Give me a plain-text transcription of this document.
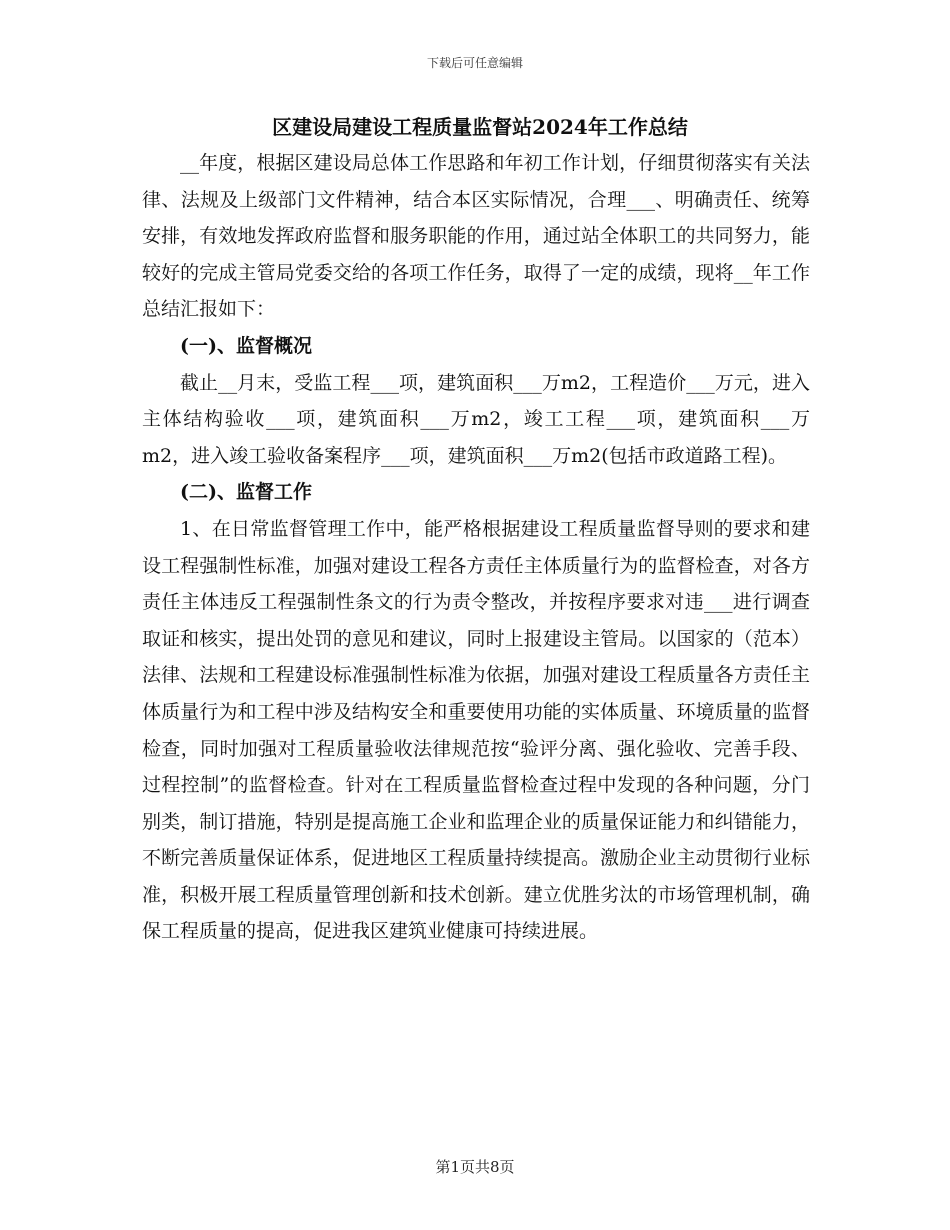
下载后可任意编辑
区建设局建设工程质量监督站2024年工作总结

__年度，根据区建设局总体工作思路和年初工作计划，仔细贯彻落实有关法律、法规及上级部门文件精神，结合本区实际情况，合理___、明确责任、统筹安排，有效地发挥政府监督和服务职能的作用，通过站全体职工的共同努力，能较好的完成主管局党委交给的各项工作任务，取得了一定的成绩，现将__年工作总结汇报如下：

(一)、监督概况

截止__月末，受监工程___项，建筑面积___万m2，工程造价___万元，进入主体结构验收___项，建筑面积___万m2，竣工工程___项，建筑面积___万m2，进入竣工验收备案程序___项，建筑面积___万m2(包括市政道路工程)。

(二)、监督工作

1、在日常监督管理工作中，能严格根据建设工程质量监督导则的要求和建设工程强制性标准，加强对建设工程各方责任主体质量行为的监督检查，对各方责任主体违反工程强制性条文的行为责令整改，并按程序要求对违___进行调查取证和核实，提出处罚的意见和建议，同时上报建设主管局。以国家的（范本）法律、法规和工程建设标准强制性标准为依据，加强对建设工程质量各方责任主体质量行为和工程中涉及结构安全和重要使用功能的实体质量、环境质量的监督检查，同时加强对工程质量验收法律规范按“验评分离、强化验收、完善手段、过程控制”的监督检查。针对在工程质量监督检查过程中发现的各种问题，分门别类，制订措施，特别是提高施工企业和监理企业的质量保证能力和纠错能力，不断完善质量保证体系，促进地区工程质量持续提高。激励企业主动贯彻行业标准，积极开展工程质量管理创新和技术创新。建立优胜劣汰的市场管理机制，确保工程质量的提高，促进我区建筑业健康可持续进展。

第1页共8页
